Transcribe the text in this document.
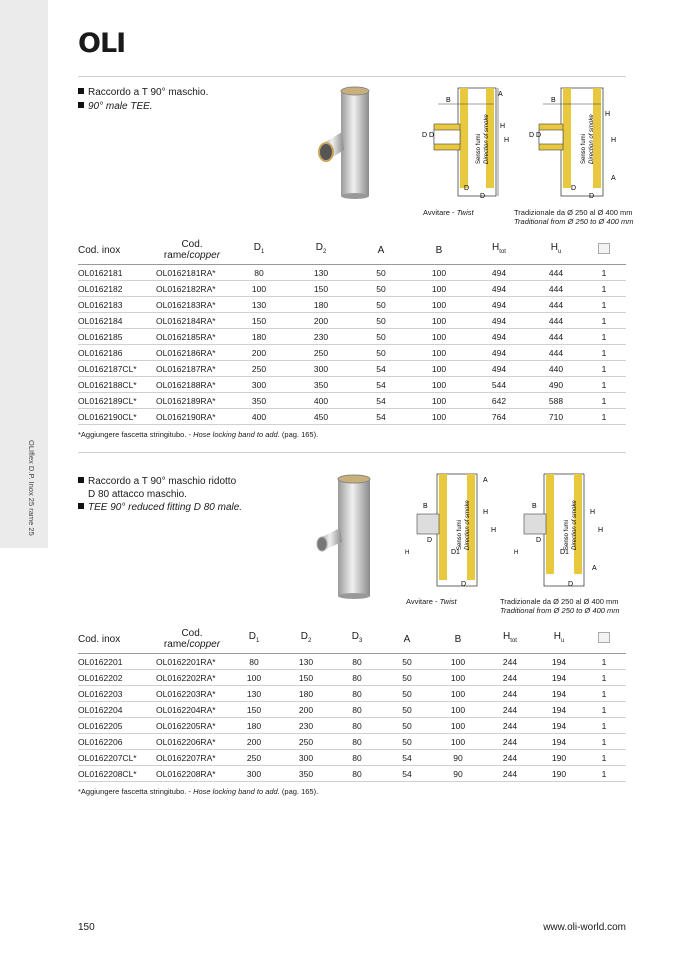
OLIflex D.P. Inox 25 rame 25
OLI
Raccordo a T 90° maschio.
90° male TEE.
B
A
H
H
D D
D
D
Senso fumi Direction of smoke
B
H
H
A
D D
D
D
Senso fumi Direction of smoke
Avvitare - Twist	Tradizionale da Ø 250 al Ø 400 mm
Traditional from Ø 250 to Ø 400 mm
Cod. inox	Cod.
rame/copper	$D_1$	$D_2$	A	B	$H_{tot}$	$H_u$	
OL0162181	OL0162181RA*	80	130	50	100	494	444	1
OL0162182	OL0162182RA*	100	150	50	100	494	444	1
OL0162183	OL0162183RA*	130	180	50	100	494	444	1
OL0162184	OL0162184RA*	150	200	50	100	494	444	1
OL0162185	OL0162185RA*	180	230	50	100	494	444	1
OL0162186	OL0162186RA*	200	250	50	100	494	444	1
OL0162187CL*	OL0162187RA*	250	300	54	100	494	440	1
OL0162188CL*	OL0162188RA*	300	350	54	100	544	490	1
OL0162189CL*	OL0162189RA*	350	400	54	100	642	588	1
OL0162190CL*	OL0162190RA*	400	450	54	100	764	710	1
*Aggiungere fascetta stringitubo. - Hose locking band to add. (pag. 165).
Raccordo a T 90° maschio ridotto
D 80 attacco maschio.
TEE 90° reduced fitting D 80 male.	B
A
H
H
H
D
D1
D
Senso fumi Direction of smoke	B
H
H
A
H
D
D1
D
Senso fumi Direction of smoke
Avvitare - Twist	Tradizionale da Ø 250 al Ø 400 mm
Traditional from Ø 250 to Ø 400 mm
Cod. inox	Cod.
rame/copper	$D_1$	$D_2$	$D_3$	A	B	$H_{tot}$	$H_u$	
OL0162201	OL0162201RA*	80	130	80	50	100	244	194	1
OL0162202	OL0162202RA*	100	150	80	50	100	244	194	1
OL0162203	OL0162203RA*	130	180	80	50	100	244	194	1
OL0162204	OL0162204RA*	150	200	80	50	100	244	194	1
OL0162205	OL0162205RA*	180	230	80	50	100	244	194	1
OL0162206	OL0162206RA*	200	250	80	50	100	244	194	1
OL0162207CL*	OL0162207RA*	250	300	80	54	90	244	190	1
OL0162208CL*	OL0162208RA*	300	350	80	54	90	244	190	1
*Aggiungere fascetta stringitubo. - Hose locking band to add. (pag. 165).
150	www.oli-world.com
